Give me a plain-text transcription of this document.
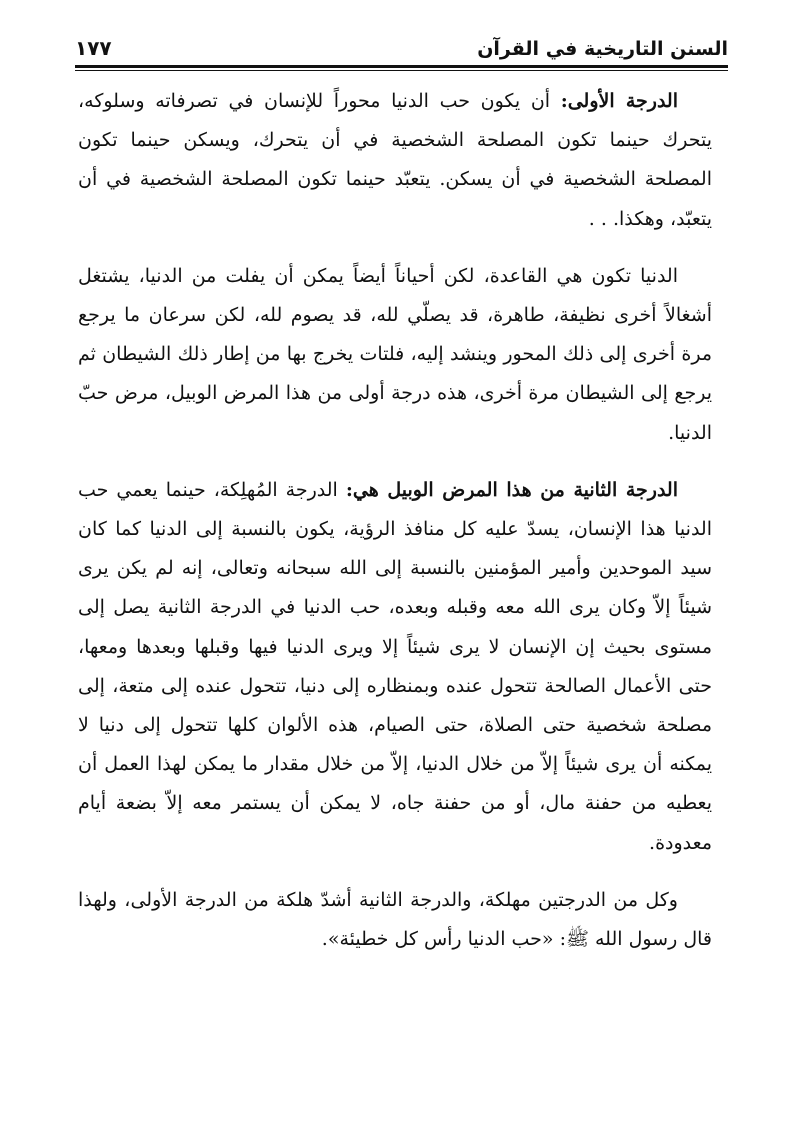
السنن التاريخية في القرآن
١٧٧

الدرجة الأولى: أن يكون حب الدنيا محوراً للإنسان في تصرفاته وسلوكه، يتحرك حينما تكون المصلحة الشخصية في أن يتحرك، ويسكن حينما تكون المصلحة الشخصية في أن يسكن. يتعبّد حينما تكون المصلحة الشخصية في أن يتعبّد، وهكذا. . .

الدنيا تكون هي القاعدة، لكن أحياناً أيضاً يمكن أن يفلت من الدنيا، يشتغل أشغالاً أخرى نظيفة، طاهرة، قد يصلّي لله، قد يصوم لله، لكن سرعان ما يرجع مرة أخرى إلى ذلك المحور وينشد إليه، فلتات يخرج بها من إطار ذلك الشيطان ثم يرجع إلى الشيطان مرة أخرى، هذه درجة أولى من هذا المرض الوبيل، مرض حبّ الدنيا.

الدرجة الثانية من هذا المرض الوبيل هي: الدرجة المُهلِكة، حينما يعمي حب الدنيا هذا الإنسان، يسدّ عليه كل منافذ الرؤية، يكون بالنسبة إلى الدنيا كما كان سيد الموحدين وأمير المؤمنين بالنسبة إلى الله سبحانه وتعالى، إنه لم يكن يرى شيئاً إلاّ وكان يرى الله معه وقبله وبعده، حب الدنيا في الدرجة الثانية يصل إلى مستوى بحيث إن الإنسان لا يرى شيئاً إلا ويرى الدنيا فيها وقبلها وبعدها ومعها، حتى الأعمال الصالحة تتحول عنده وبمنظاره إلى دنيا، تتحول عنده إلى متعة، إلى مصلحة شخصية حتى الصلاة، حتى الصيام، هذه الألوان كلها تتحول إلى دنيا لا يمكنه أن يرى شيئاً إلاّ من خلال الدنيا، إلاّ من خلال مقدار ما يمكن لهذا العمل أن يعطيه من حفنة مال، أو من حفنة جاه، لا يمكن أن يستمر معه إلاّ بضعة أيام معدودة.

وكل من الدرجتين مهلكة، والدرجة الثانية أشدّ هلكة من الدرجة الأولى، ولهذا قال رسول الله ﷺ: «حب الدنيا رأس كل خطيئة».
